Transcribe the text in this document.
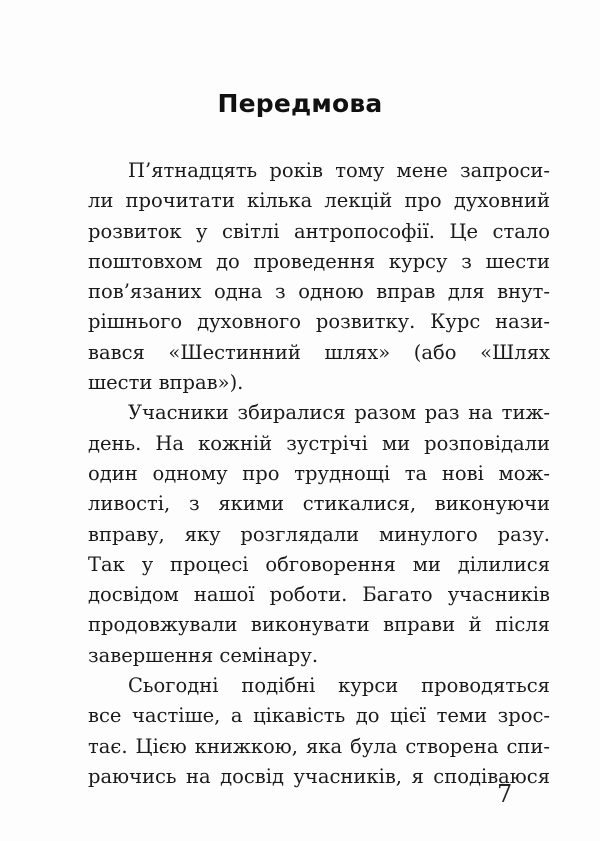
Передмова
П’ятнадцять років тому мене запроси-
ли прочитати кілька лекцій про духовний
розвиток у світлі антропософії. Це стало
поштовхом до проведення курсу з шести
пов’язаних одна з одною вправ для внут-
рішнього духовного розвитку. Курс нази-
вався «Шестинний шлях» (або «Шлях
шести вправ»).
Учасники збиралися разом раз на тиж-
день. На кожній зустрічі ми розповідали
один одному про труднощі та нові мож-
ливості, з якими стикалися, виконуючи
вправу, яку розглядали минулого разу.
Так у процесі обговорення ми ділилися
досвідом нашої роботи. Багато учасників
продовжували виконувати вправи й після
завершення семінару.
Сьогодні подібні курси проводяться
все частіше, а цікавість до цієї теми зрос-
тає. Цією книжкою, яка була створена спи-
раючись на досвід учасників, я сподіваюся
7
